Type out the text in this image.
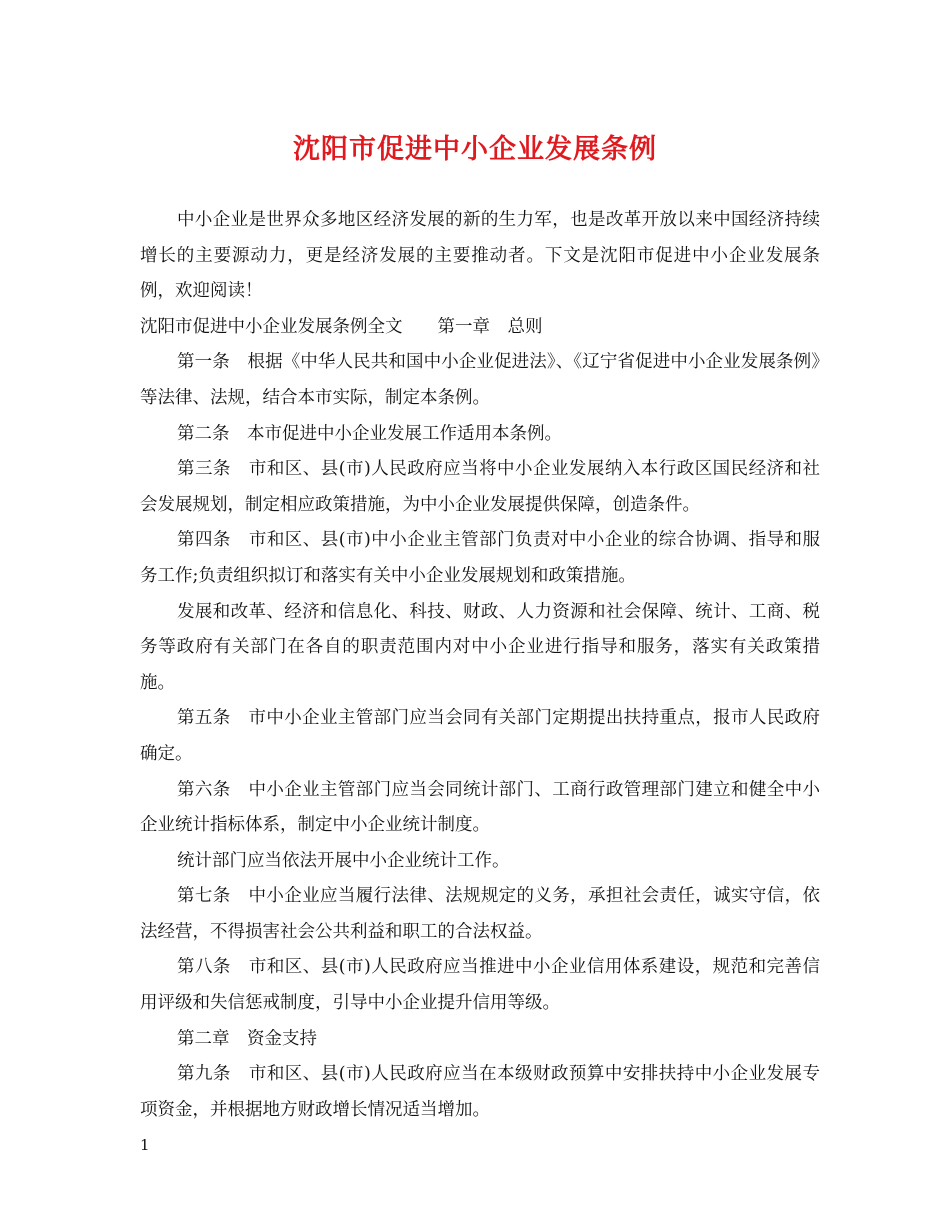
沈阳市促进中小企业发展条例

中小企业是世界众多地区经济发展的新的生力军，也是改革开放以来中国经济持续增长的主要源动力，更是经济发展的主要推动者。下文是沈阳市促进中小企业发展条例，欢迎阅读！

沈阳市促进中小企业发展条例全文　　第一章　总则

第一条　根据《中华人民共和国中小企业促进法》、《辽宁省促进中小企业发展条例》等法律、法规，结合本市实际，制定本条例。

第二条　本市促进中小企业发展工作适用本条例。

第三条　市和区、县(市)人民政府应当将中小企业发展纳入本行政区国民经济和社会发展规划，制定相应政策措施，为中小企业发展提供保障，创造条件。

第四条　市和区、县(市)中小企业主管部门负责对中小企业的综合协调、指导和服务工作;负责组织拟订和落实有关中小企业发展规划和政策措施。

发展和改革、经济和信息化、科技、财政、人力资源和社会保障、统计、工商、税务等政府有关部门在各自的职责范围内对中小企业进行指导和服务，落实有关政策措施。

第五条　市中小企业主管部门应当会同有关部门定期提出扶持重点，报市人民政府确定。

第六条　中小企业主管部门应当会同统计部门、工商行政管理部门建立和健全中小企业统计指标体系，制定中小企业统计制度。

统计部门应当依法开展中小企业统计工作。

第七条　中小企业应当履行法律、法规规定的义务，承担社会责任，诚实守信，依法经营，不得损害社会公共利益和职工的合法权益。

第八条　市和区、县(市)人民政府应当推进中小企业信用体系建设，规范和完善信用评级和失信惩戒制度，引导中小企业提升信用等级。

第二章　资金支持

第九条　市和区、县(市)人民政府应当在本级财政预算中安排扶持中小企业发展专项资金，并根据地方财政增长情况适当增加。

1
